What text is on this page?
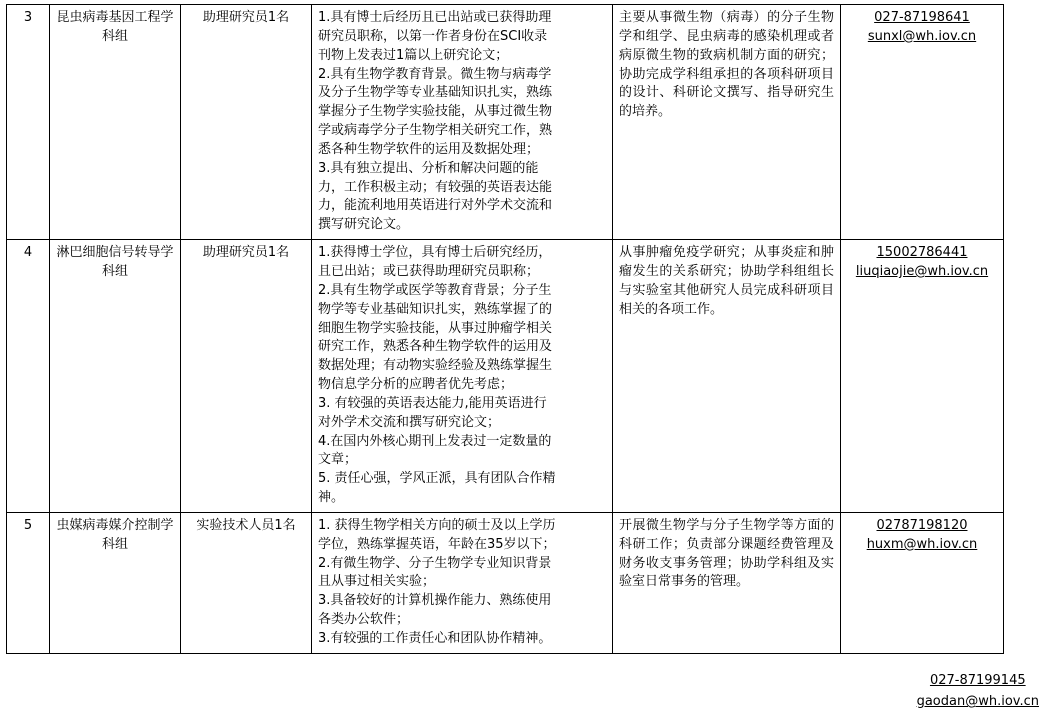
3	昆虫病毒基因工程学科组	助理研究员1名	1.具有博士后经历且已出站或已获得助理
研究员职称，以第一作者身份在SCI收录
刊物上发表过1篇以上研究论文；
2.具有生物学教育背景。微生物与病毒学
及分子生物学等专业基础知识扎实，熟练
掌握分子生物学实验技能，从事过微生物
学或病毒学分子生物学相关研究工作，熟
悉各种生物学软件的运用及数据处理；
3.具有独立提出、分析和解决问题的能
力，工作积极主动；有较强的英语表达能
力，能流利地用英语进行对外学术交流和
撰写研究论文。
	主要从事微生物（病毒）的分子生物学和组学、昆虫病毒的感染机理或者病原微生物的致病机制方面的研究；协助完成学科组承担的各项科研项目的设计、科研论文撰写、指导研究生的培养。	027-87198641
sunxl@wh.iov.cn
4	淋巴细胞信号转导学科组	助理研究员1名	1.获得博士学位，具有博士后研究经历，
且已出站；或已获得助理研究员职称；
2.具有生物学或医学等教育背景；分子生
物学等专业基础知识扎实，熟练掌握了的
细胞生物学实验技能，从事过肿瘤学相关
研究工作，熟悉各种生物学软件的运用及
数据处理；有动物实验经验及熟练掌握生
物信息学分析的应聘者优先考虑；
3. 有较强的英语表达能力,能用英语进行
对外学术交流和撰写研究论文；
4.在国内外核心期刊上发表过一定数量的
文章；
5. 责任心强，学风正派，具有团队合作精
神。
	从事肿瘤免疫学研究；从事炎症和肿瘤发生的关系研究；协助学科组组长与实验室其他研究人员完成科研项目相关的各项工作。	15002786441
liuqiaojie@wh.iov.cn
5	虫媒病毒媒介控制学科组	实验技术人员1名	1. 获得生物学相关方向的硕士及以上学历
学位，熟练掌握英语，年龄在35岁以下；
2.有微生物学、分子生物学专业知识背景
且从事过相关实验；
3.具备较好的计算机操作能力、熟练使用
各类办公软件；
3.有较强的工作责任心和团队协作精神。
	开展微生物学与分子生物学等方面的科研工作；负责部分课题经费管理及财务收支事务管理；协助学科组及实验室日常事务的管理。	02787198120
huxm@wh.iov.cn
027-87199145
gaodan@wh.iov.cn
